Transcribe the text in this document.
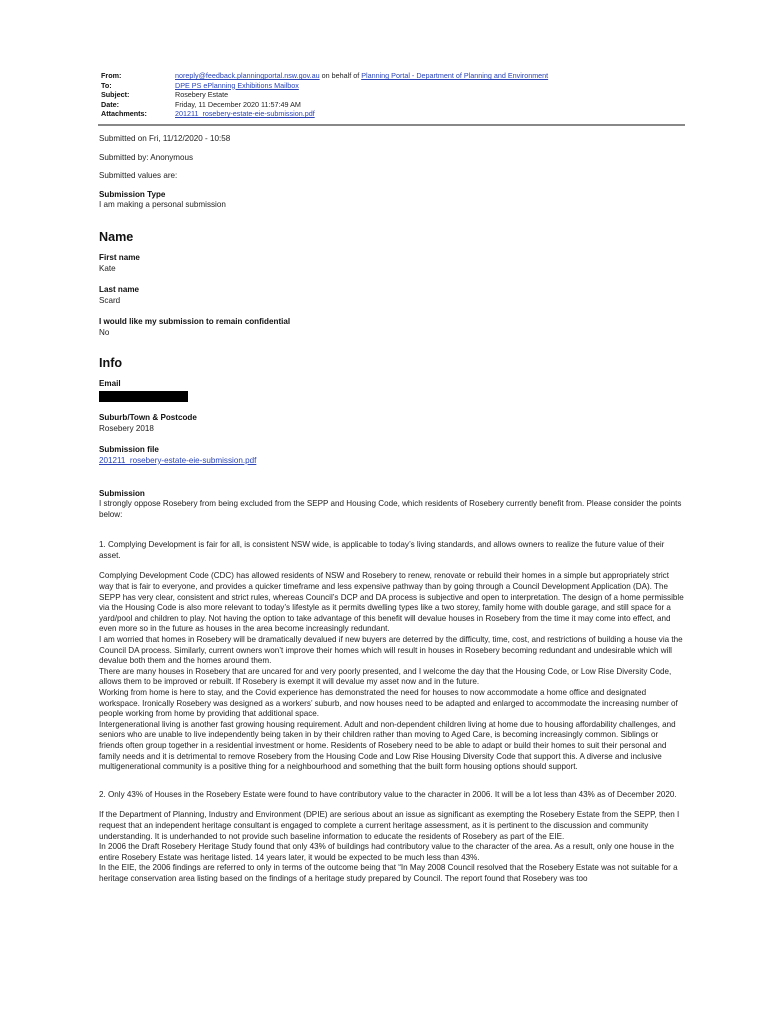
From:	noreply@feedback.planningportal.nsw.gov.au on behalf of Planning Portal - Department of Planning and Environment
To:	DPE PS ePlanning Exhibitions Mailbox
Subject:	Rosebery Estate
Date:	Friday, 11 December 2020 11:57:49 AM
Attachments:	201211_rosebery-estate-eie-submission.pdf

Submitted on Fri, 11/12/2020 - 10:58

Submitted by: Anonymous

Submitted values are:

Submission Type

I am making a personal submission

Name

First name

Kate

Last name

Scard

I would like my submission to remain confidential

No

Info

Email

Suburb/Town & Postcode

Rosebery 2018

Submission file

201211_rosebery-estate-eie-submission.pdf

Submission

I strongly oppose Rosebery from being excluded from the SEPP and Housing Code, which residents of Rosebery currently benefit from. Please consider the points below:

1. Complying Development is fair for all, is consistent NSW wide, is applicable to today’s living standards, and allows owners to realize the future value of their asset.

Complying Development Code (CDC) has allowed residents of NSW and Rosebery to renew, renovate or rebuild their homes in a simple but appropriately strict way that is fair to everyone, and provides a quicker timeframe and less expensive pathway than by going through a Council Development Application (DA). The SEPP has very clear, consistent and strict rules, whereas Council’s DCP and DA process is subjective and open to interpretation. The design of a home permissible via the Housing Code is also more relevant to today’s lifestyle as it permits dwelling types like a two storey, family home with double garage, and still space for a yard/pool and children to play. Not having the option to take advantage of this benefit will devalue houses in Rosebery from the time it may come into effect, and even more so in the future as houses in the area become increasingly redundant.

I am worried that homes in Rosebery will be dramatically devalued if new buyers are deterred by the difficulty, time, cost, and restrictions of building a house via the Council DA process. Similarly, current owners won’t improve their homes which will result in houses in Rosebery becoming redundant and undesirable which will devalue both them and the homes around them.

There are many houses in Rosebery that are uncared for and very poorly presented, and I welcome the day that the Housing Code, or Low Rise Diversity Code, allows them to be improved or rebuilt. If Rosebery is exempt it will devalue my asset now and in the future.

Working from home is here to stay, and the Covid experience has demonstrated the need for houses to now accommodate a home office and designated workspace. Ironically Rosebery was designed as a workers’ suburb, and now houses need to be adapted and enlarged to accommodate the increasing number of people working from home by providing that additional space.

Intergenerational living is another fast growing housing requirement. Adult and non-dependent children living at home due to housing affordability challenges, and seniors who are unable to live independently being taken in by their children rather than moving to Aged Care, is becoming increasingly common. Siblings or friends often group together in a residential investment or home. Residents of Rosebery need to be able to adapt or build their homes to suit their personal and family needs and it is detrimental to remove Rosebery from the Housing Code and Low Rise Housing Diversity Code that support this. A diverse and inclusive multigenerational community is a positive thing for a neighbourhood and something that the built form housing options should support.

2. Only 43% of Houses in the Rosebery Estate were found to have contributory value to the character in 2006. It will be a lot less than 43% as of December 2020.

If the Department of Planning, Industry and Environment (DPIE) are serious about an issue as significant as exempting the Rosebery Estate from the SEPP, then I request that an independent heritage consultant is engaged to complete a current heritage assessment, as it is pertinent to the discussion and community understanding. It is underhanded to not provide such baseline information to educate the residents of Rosebery as part of the EIE.

In 2006 the Draft Rosebery Heritage Study found that only 43% of buildings had contributory value to the character of the area. As a result, only one house in the entire Rosebery Estate was heritage listed. 14 years later, it would be expected to be much less than 43%.

In the EIE, the 2006 findings are referred to only in terms of the outcome being that “In May 2008 Council resolved that the Rosebery Estate was not suitable for a heritage conservation area listing based on the findings of a heritage study prepared by Council. The report found that Rosebery was too
